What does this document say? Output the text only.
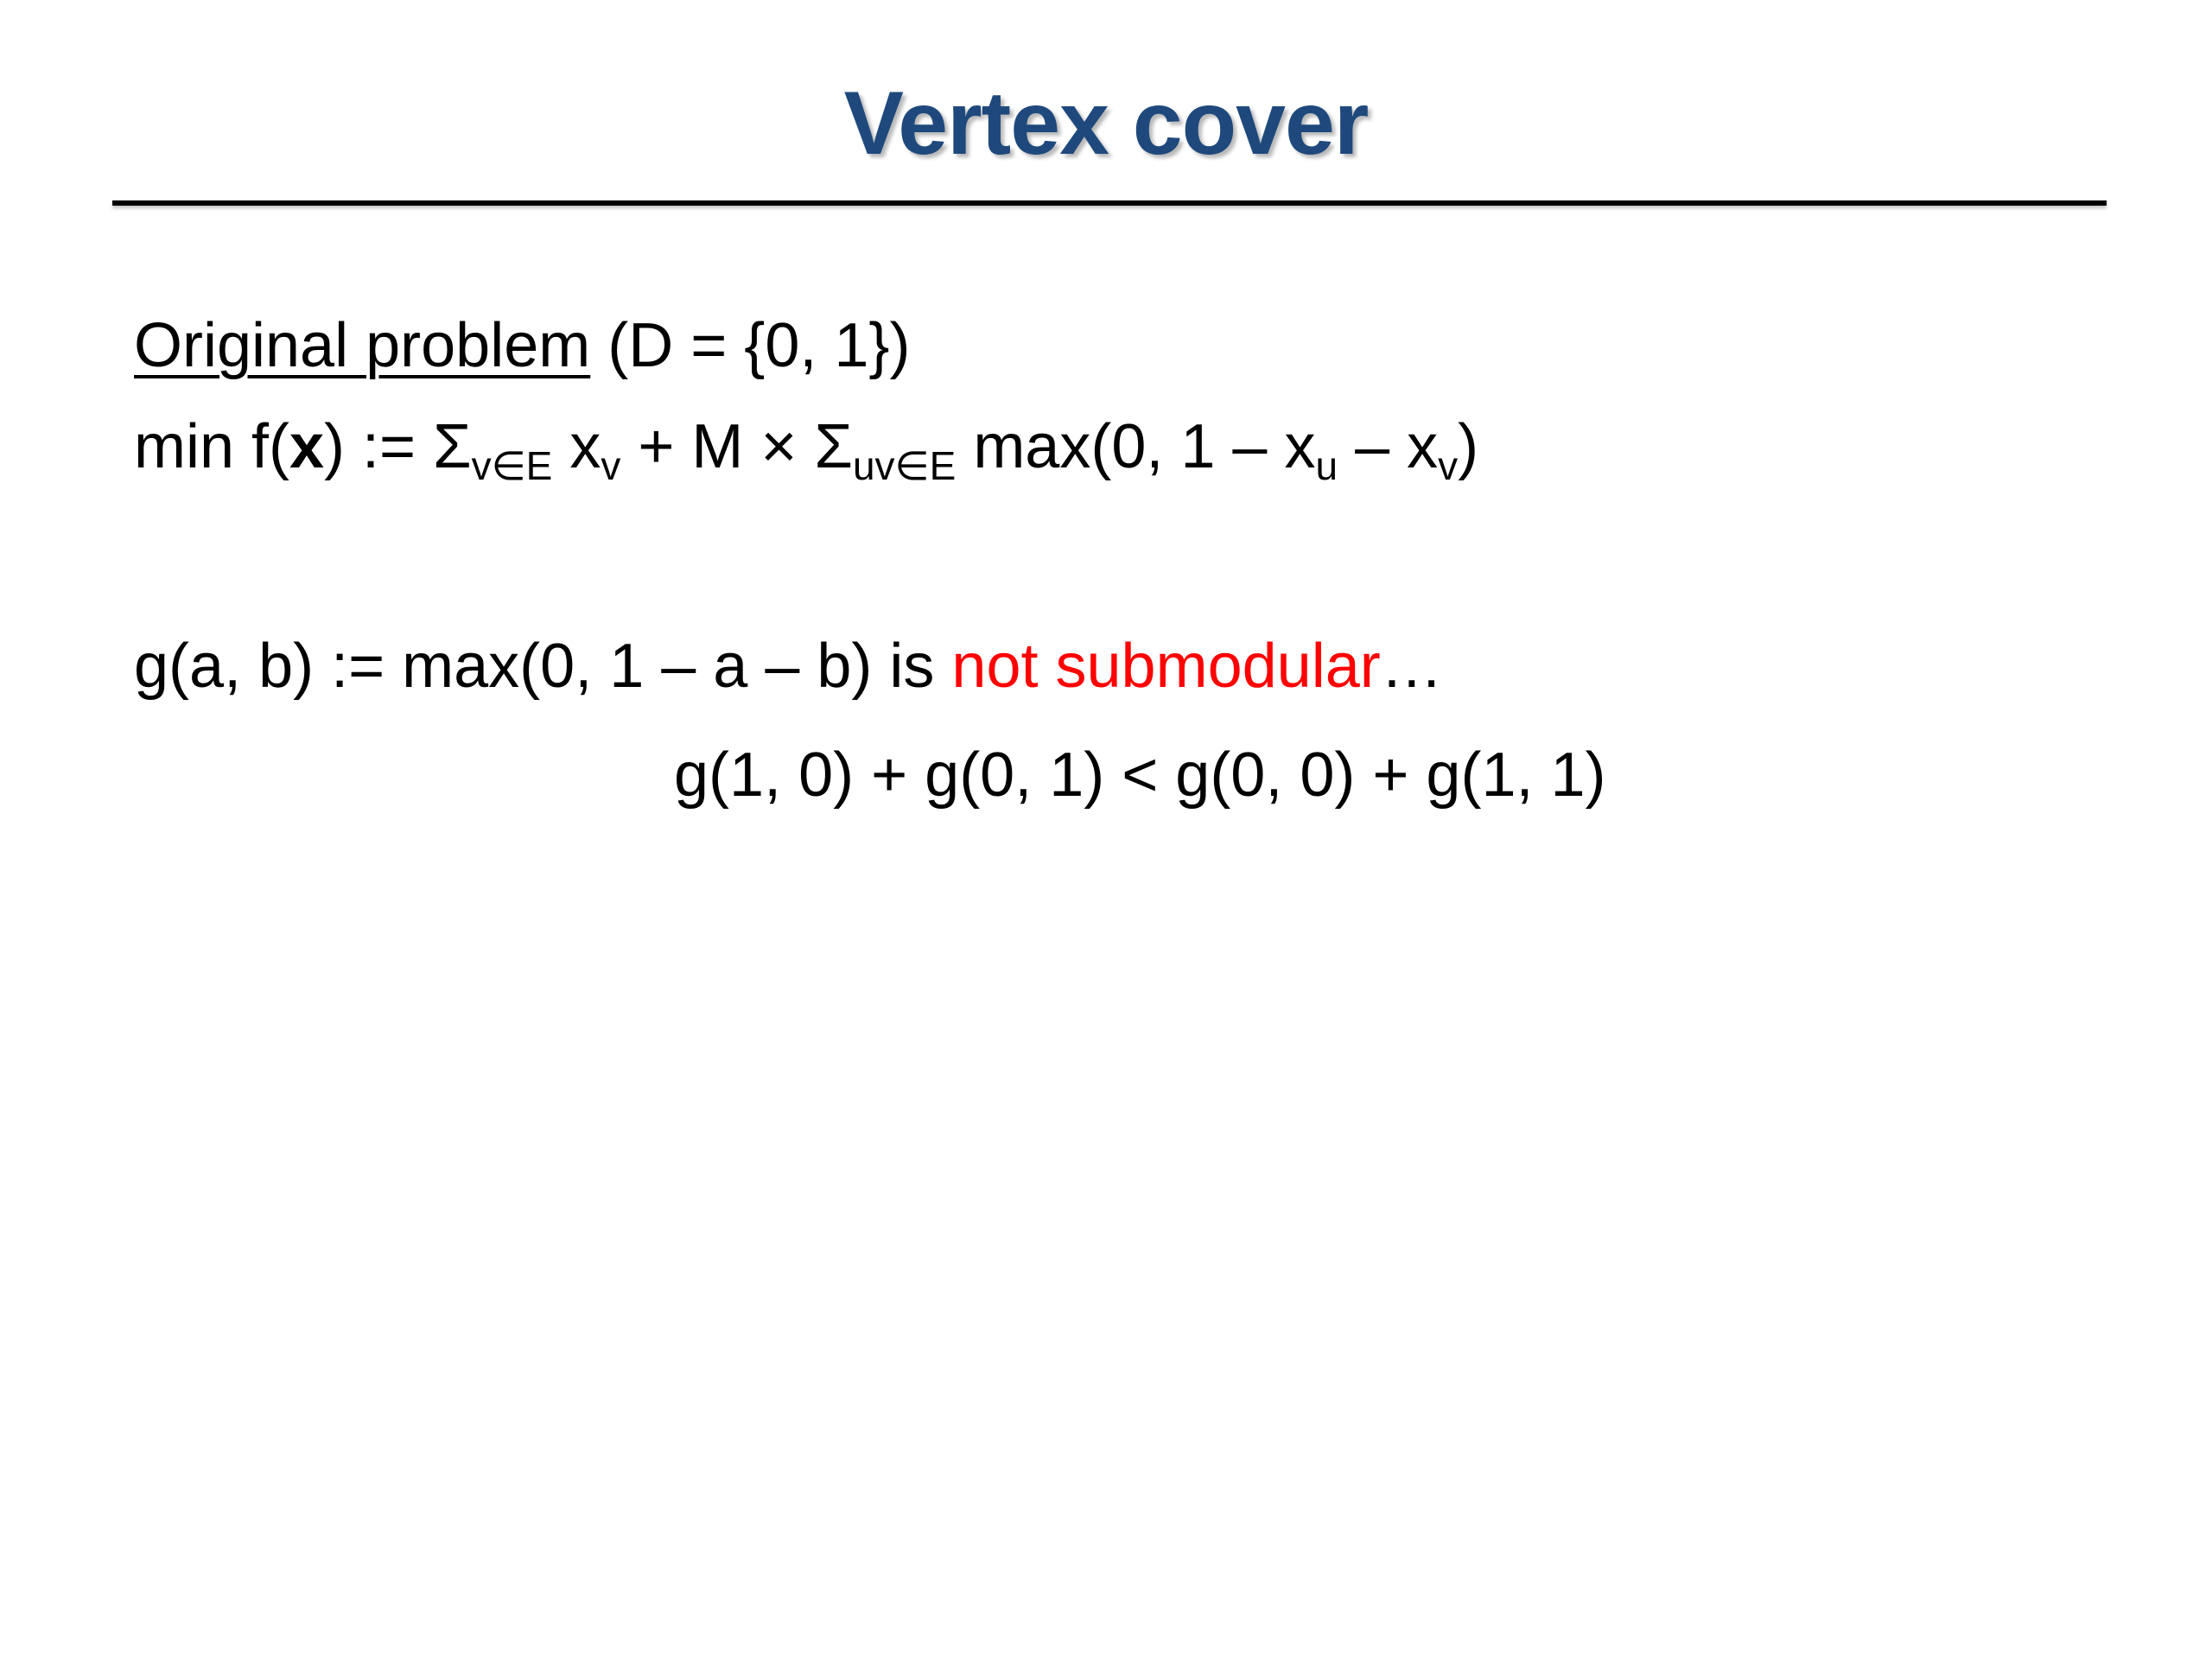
Vertex cover
Original problem (D = {0, 1})
min f(x) := $\Sigma_{v\in E}$ $x_v + M \times \Sigma_{uv\in E}$ max(0, $1 - x_u - x_v$)
g(a, b) := max(0, 1 – a – b) is not submodular…
g(1, 0) + g(0, 1) < g(0, 0) + g(1, 1)
